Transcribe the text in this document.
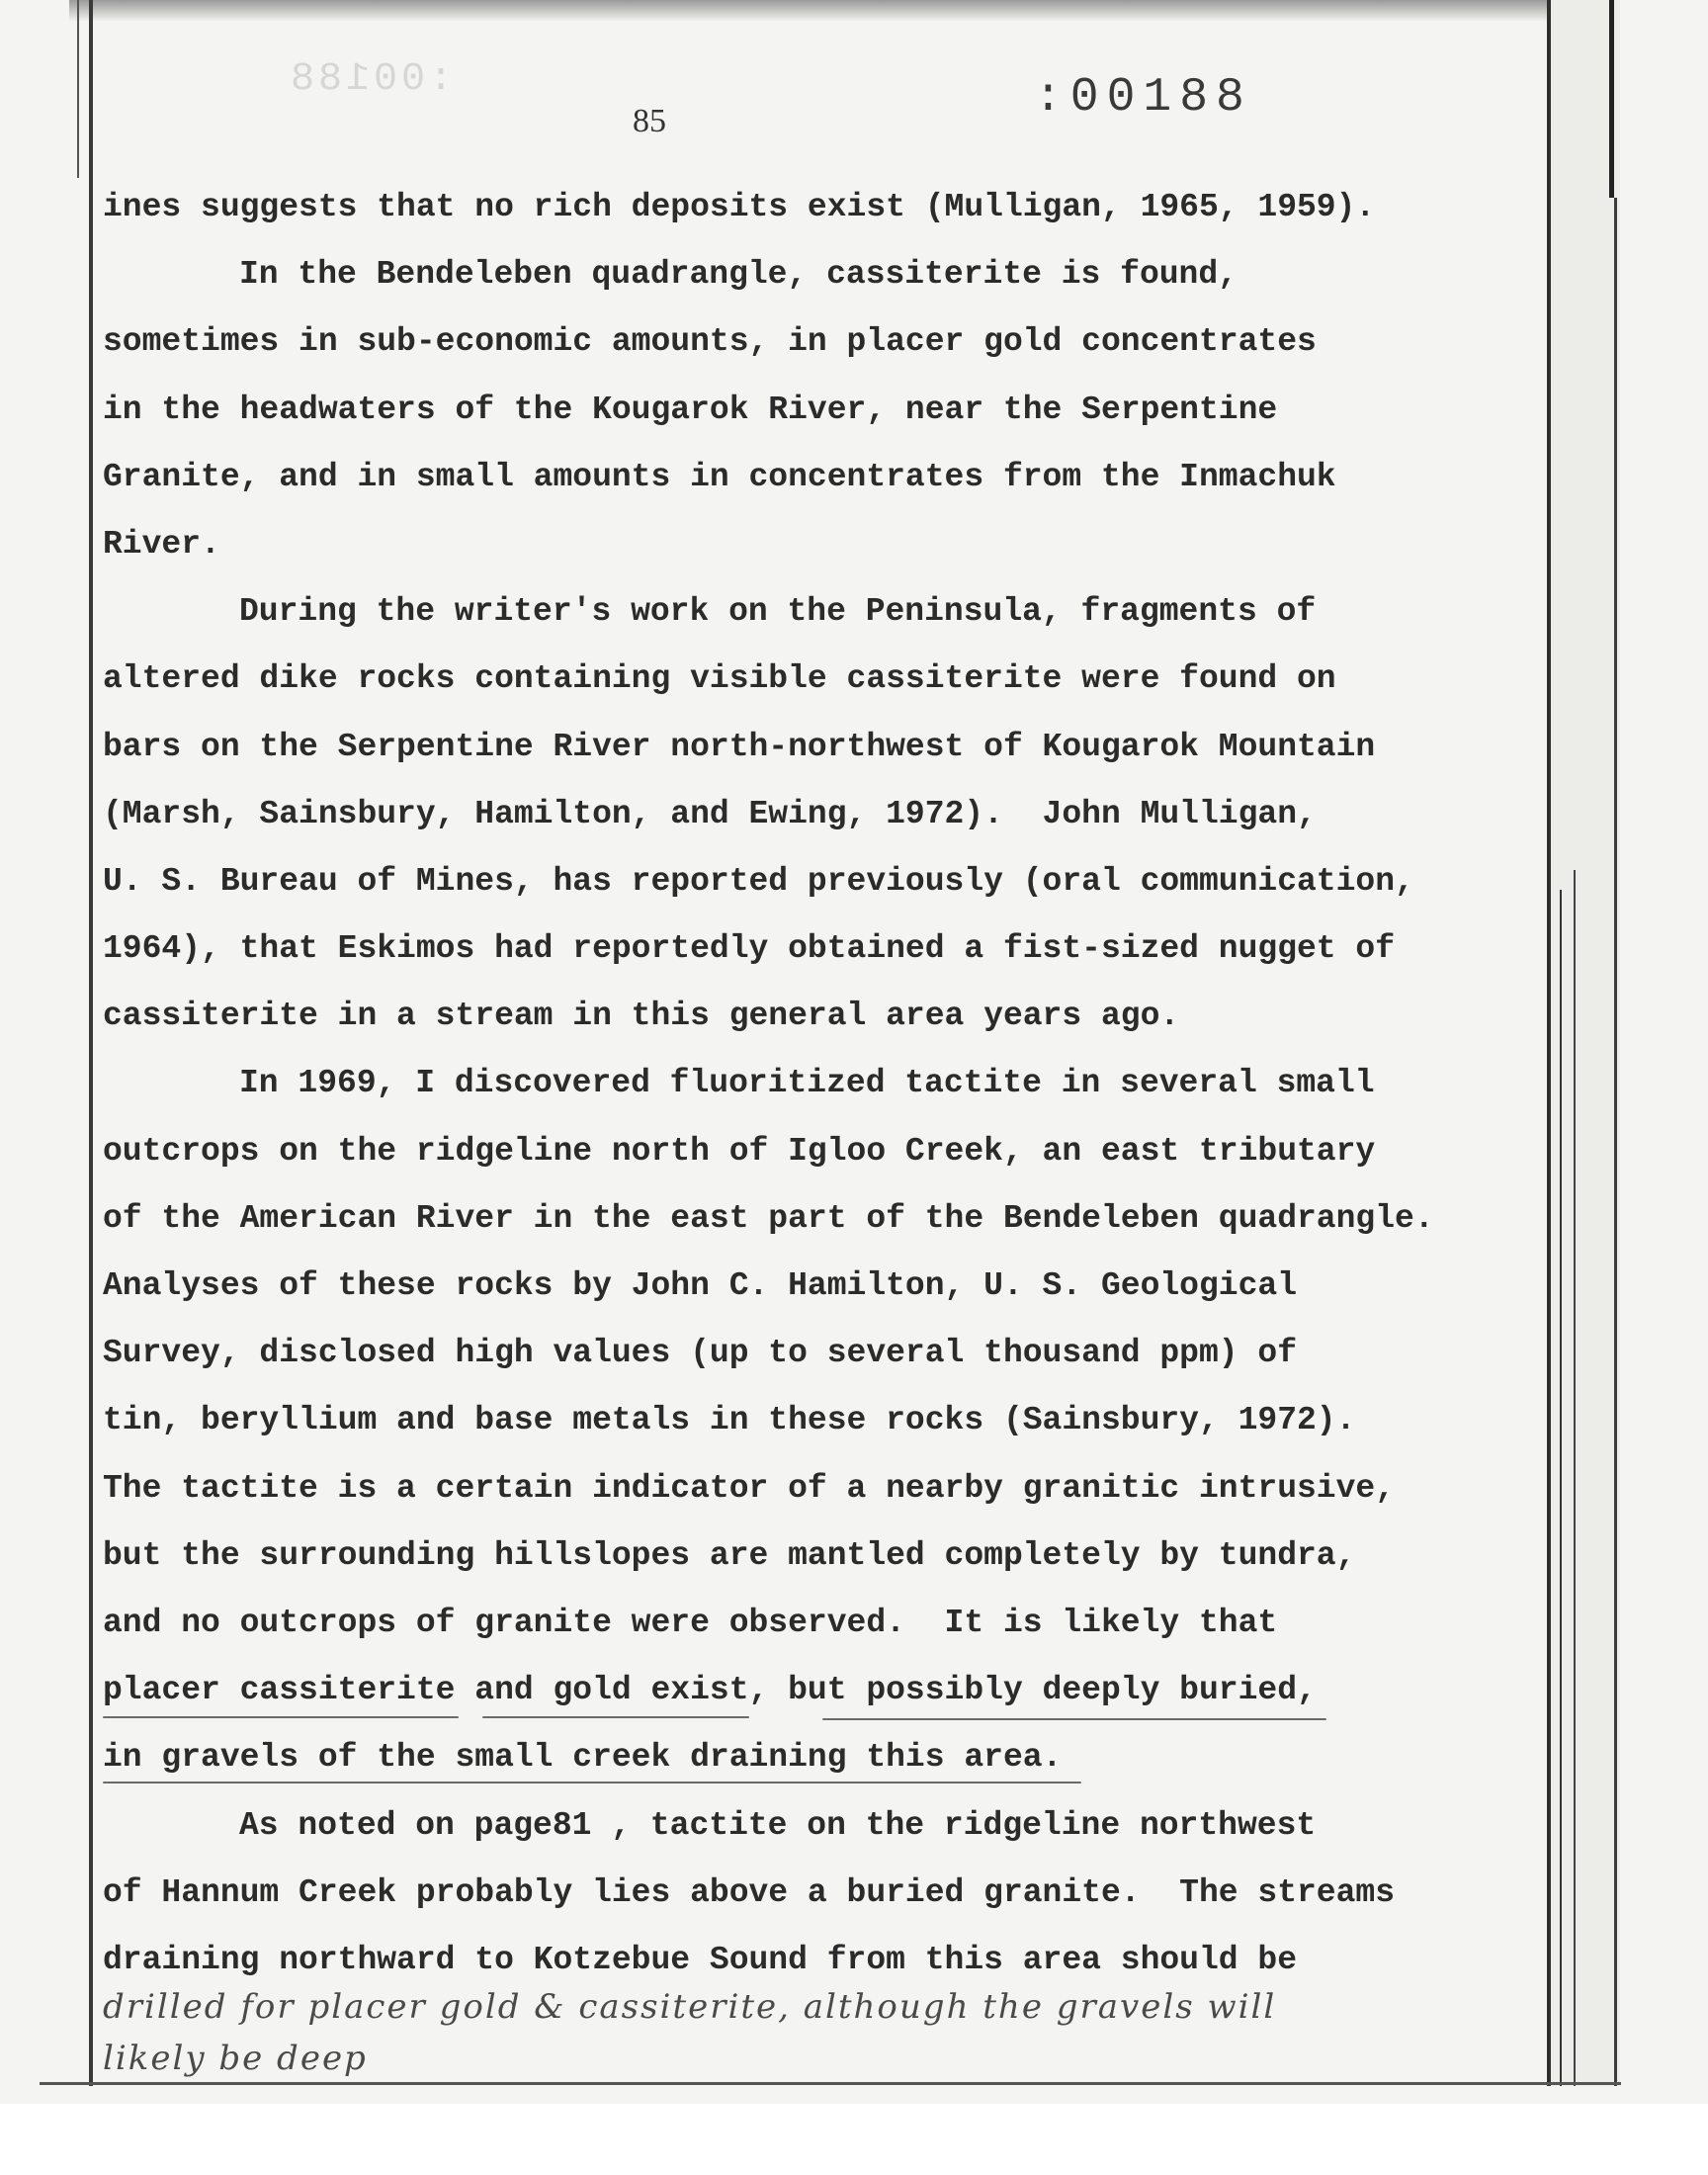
:00188
85	:00188
ines suggests that no rich deposits exist (Mulligan, 1965, 1959).
In the Bendeleben quadrangle, cassiterite is found,
sometimes in sub-economic amounts, in placer gold concentrates
in the headwaters of the Kougarok River, near the Serpentine
Granite, and in small amounts in concentrates from the Inmachuk
River.
During the writer's work on the Peninsula, fragments of
altered dike rocks containing visible cassiterite were found on
bars on the Serpentine River north-northwest of Kougarok Mountain
(Marsh, Sainsbury, Hamilton, and Ewing, 1972).  John Mulligan,
U. S. Bureau of Mines, has reported previously (oral communication,
1964), that Eskimos had reportedly obtained a fist-sized nugget of
cassiterite in a stream in this general area years ago.
In 1969, I discovered fluoritized tactite in several small
outcrops on the ridgeline north of Igloo Creek, an east tributary
of the American River in the east part of the Bendeleben quadrangle.
Analyses of these rocks by John C. Hamilton, U. S. Geological
Survey, disclosed high values (up to several thousand ppm) of
tin, beryllium and base metals in these rocks (Sainsbury, 1972).
The tactite is a certain indicator of a nearby granitic intrusive,
but the surrounding hillslopes are mantled completely by tundra,
and no outcrops of granite were observed.  It is likely that
placer cassiterite and gold exist, but possibly deeply buried,
in gravels of the small creek draining this area.
As noted on page81 , tactite on the ridgeline northwest
of Hannum Creek probably lies above a buried granite.  The streams
draining northward to Kotzebue Sound from this area should be
drilled for placer gold & cassiterite, although the gravels will
likely be deep
